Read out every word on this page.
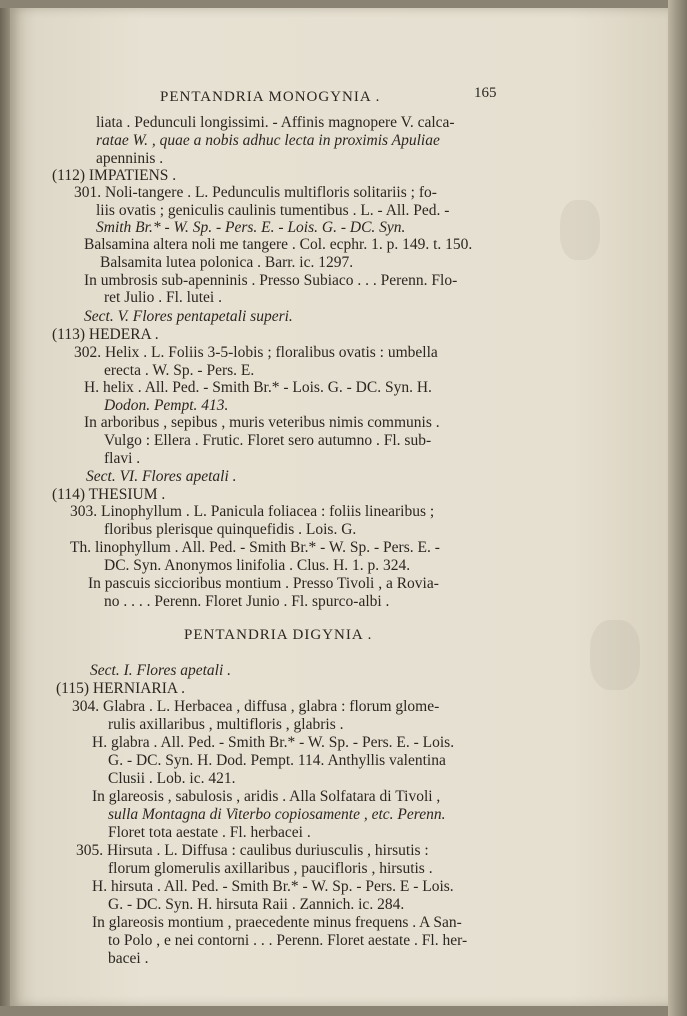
PENTANDRIA MONOGYNIA .	165
liata . Pedunculi longissimi. - Affinis magnopere V. calca-
ratae W. , quae a nobis adhuc lecta in proximis Apuliae
apenninis .
(112) IMPATIENS .
301. Noli-tangere . L. Pedunculis multifloris solitariis ; fo-
liis ovatis ; geniculis caulinis tumentibus . L. - All. Ped. -
Smith Br.* - W. Sp. - Pers. E. - Lois. G. - DC. Syn.
Balsamina altera noli me tangere . Col. ecphr. 1. p. 149. t. 150.
Balsamita lutea polonica . Barr. ic. 1297.
In umbrosis sub-apenninis . Presso Subiaco . . . Perenn. Flo-
ret Julio . Fl. lutei .
Sect. V. Flores pentapetali superi.
(113) HEDERA .
302. Helix . L. Foliis 3-5-lobis ; floralibus ovatis : umbella
erecta . W. Sp. - Pers. E.
H. helix . All. Ped. - Smith Br.* - Lois. G. - DC. Syn. H.
Dodon. Pempt. 413.
In arboribus , sepibus , muris veteribus nimis communis .
Vulgo : Ellera . Frutic. Floret sero autumno . Fl. sub-
flavi .
Sect. VI. Flores apetali .
(114) THESIUM .
303. Linophyllum . L. Panicula foliacea : foliis linearibus ;
floribus plerisque quinquefidis . Lois. G.
Th. linophyllum . All. Ped. - Smith Br.* - W. Sp. - Pers. E. -
DC. Syn. Anonymos linifolia . Clus. H. 1. p. 324.
In pascuis siccioribus montium . Presso Tivoli , a Rovia-
no . . . . Perenn. Floret Junio . Fl. spurco-albi .
PENTANDRIA DIGYNIA .
Sect. I. Flores apetali .
(115) HERNIARIA .
304. Glabra . L. Herbacea , diffusa , glabra : florum glome-
rulis axillaribus , multifloris , glabris .
H. glabra . All. Ped. - Smith Br.* - W. Sp. - Pers. E. - Lois.
G. - DC. Syn. H. Dod. Pempt. 114. Anthyllis valentina
Clusii . Lob. ic. 421.
In glareosis , sabulosis , aridis . Alla Solfatara di Tivoli ,
sulla Montagna di Viterbo copiosamente , etc. Perenn.
Floret tota aestate . Fl. herbacei .
305. Hirsuta . L. Diffusa : caulibus duriusculis , hirsutis :
florum glomerulis axillaribus , paucifloris , hirsutis .
H. hirsuta . All. Ped. - Smith Br.* - W. Sp. - Pers. E - Lois.
G. - DC. Syn. H. hirsuta Raii . Zannich. ic. 284.
In glareosis montium , praecedente minus frequens . A San-
to Polo , e nei contorni . . . Perenn. Floret aestate . Fl. her-
bacei .
